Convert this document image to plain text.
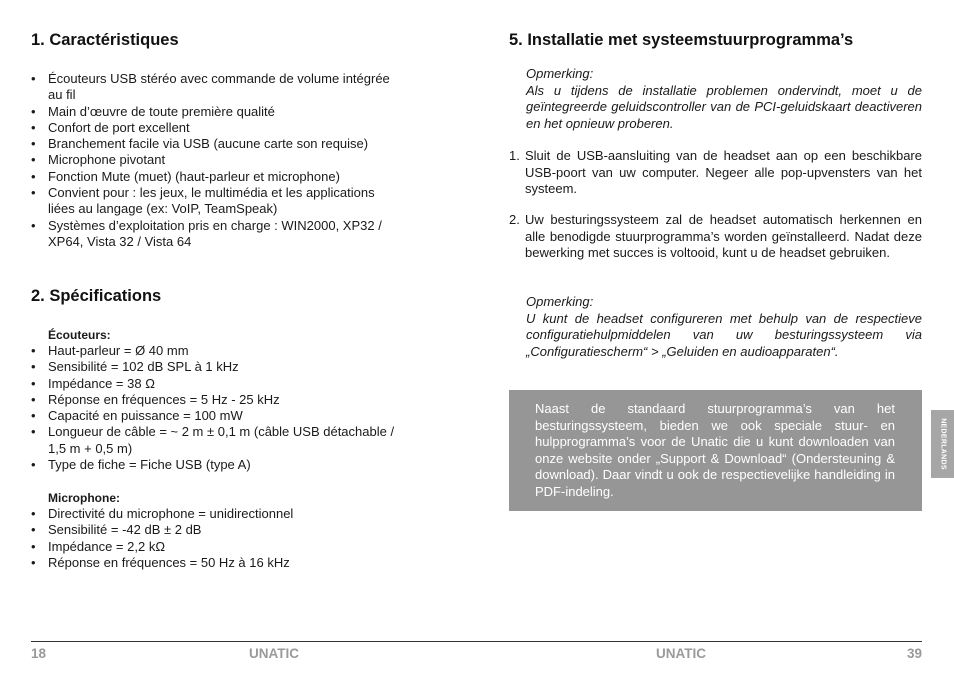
1. Caractéristiques
• Écouteurs USB stéréo avec commande de volume intégrée
au fil
• Main d’œuvre de toute première qualité
• Confort de port excellent
• Branchement facile via USB (aucune carte son requise)
• Microphone pivotant
• Fonction Mute (muet) (haut-parleur et microphone)
• Convient pour : les jeux, le multimédia et les applications
liées au langage (ex: VoIP, TeamSpeak)
• Systèmes d’exploitation pris en charge : WIN2000, XP32 /
XP64, Vista 32 / Vista 64
2. Spécifications
Écouteurs:
• Haut-parleur = Ø 40 mm
• Sensibilité = 102 dB SPL à 1 kHz
• Impédance = 38 Ω
• Réponse en fréquences = 5 Hz - 25 kHz
• Capacité en puissance = 100 mW
• Longueur de câble = ~ 2 m ± 0,1 m (câble USB détachable /
1,5 m + 0,5 m)
• Type de fiche = Fiche USB (type A)
Microphone:
• Directivité du microphone = unidirectionnel
• Sensibilité = -42 dB ± 2 dB
• Impédance = 2,2 kΩ
• Réponse en fréquences = 50 Hz à 16 kHz
5. Installatie met systeemstuurprogramma’s
Opmerking:
Als u tijdens de installatie problemen ondervindt, moet u de geïntegreerde geluidscontroller van de PCI-geluidskaart deactiveren en het opnieuw proberen.
1. Sluit de USB-aansluiting van de headset aan op een beschikbare USB-poort van uw computer. Negeer alle pop-upvensters van het systeem.
2. Uw besturingssysteem zal de headset automatisch herkennen en alle benodigde stuurprogramma’s worden geïnstalleerd. Nadat deze bewerking met succes is voltooid, kunt u de headset gebruiken.
Opmerking:
U kunt de headset configureren met behulp van de respectieve configuratiehulpmiddelen van uw besturingssysteem via „Configuratiescherm“ > „Geluiden en audioapparaten“.

Naast de standaard stuurprogramma’s van het besturingssysteem, bieden we ook speciale stuur- en hulpprogramma’s voor de Unatic die u kunt downloaden van onze website onder „Support & Download“ (Ondersteuning & download). Daar vindt u ook de respectievelijke handleiding in PDF-indeling.

NEDERLANDS
18	UNATIC	UNATIC	39
